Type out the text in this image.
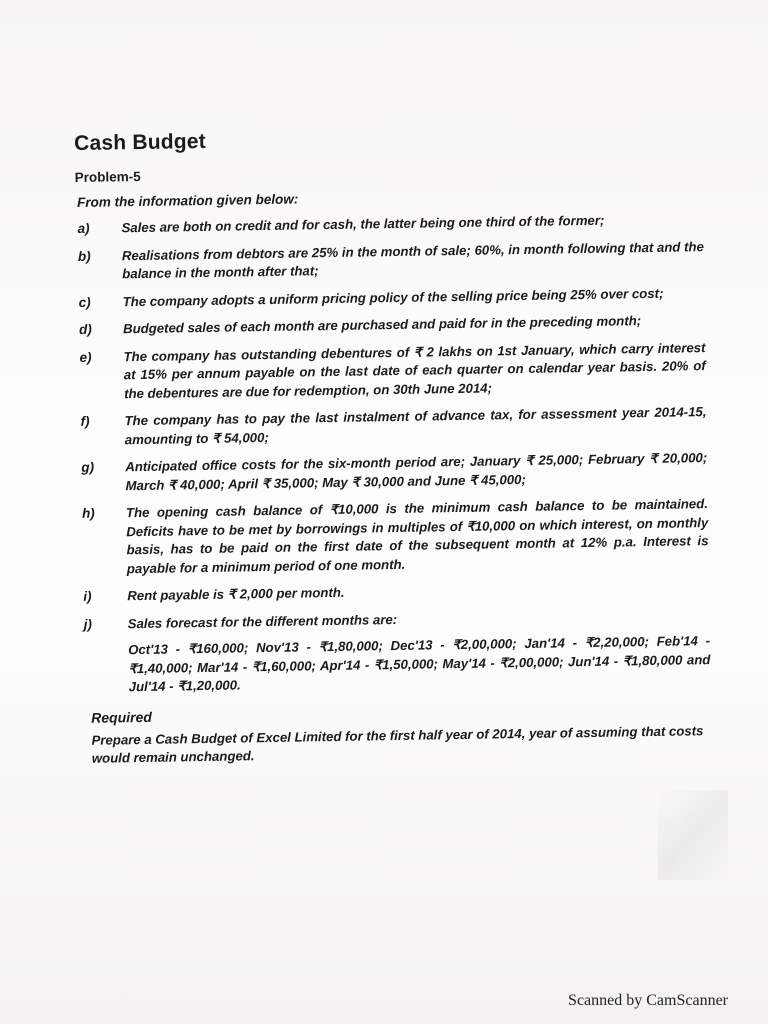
Cash Budget
Problem-5
From the information given below:
a)	Sales are both on credit and for cash, the latter being one third of the former;
b)	Realisations from debtors are 25% in the month of sale; 60%, in month following that and the balance in the month after that;
c)	The company adopts a uniform pricing policy of the selling price being 25% over cost;
d)	Budgeted sales of each month are purchased and paid for in the preceding month;
e)	The company has outstanding debentures of ₹ 2 lakhs on 1st January, which carry interest at 15% per annum payable on the last date of each quarter on calendar year basis. 20% of the debentures are due for redemption, on 30th June 2014;
f)	The company has to pay the last instalment of advance tax, for assessment year 2014-15, amounting to ₹ 54,000;
g)	Anticipated office costs for the six-month period are; January ₹ 25,000; February ₹ 20,000; March ₹ 40,000; April ₹ 35,000; May ₹ 30,000 and June ₹ 45,000;
h)	The opening cash balance of ₹10,000 is the minimum cash balance to be maintained. Deficits have to be met by borrowings in multiples of ₹10,000 on which interest, on monthly basis, has to be paid on the first date of the subsequent month at 12% p.a. Interest is payable for a minimum period of one month.
i)	Rent payable is ₹ 2,000 per month.
j)	Sales forecast for the different months are:
Oct'13 - ₹160,000; Nov'13 - ₹1,80,000; Dec'13 - ₹2,00,000; Jan'14 - ₹2,20,000; Feb'14 - ₹1,40,000; Mar'14 - ₹1,60,000; Apr'14 - ₹1,50,000; May'14 - ₹2,00,000; Jun'14 - ₹1,80,000 and Jul'14 - ₹1,20,000.
Required
Prepare a Cash Budget of Excel Limited for the first half year of 2014, year of assuming that costs would remain unchanged.
Scanned by CamScanner
